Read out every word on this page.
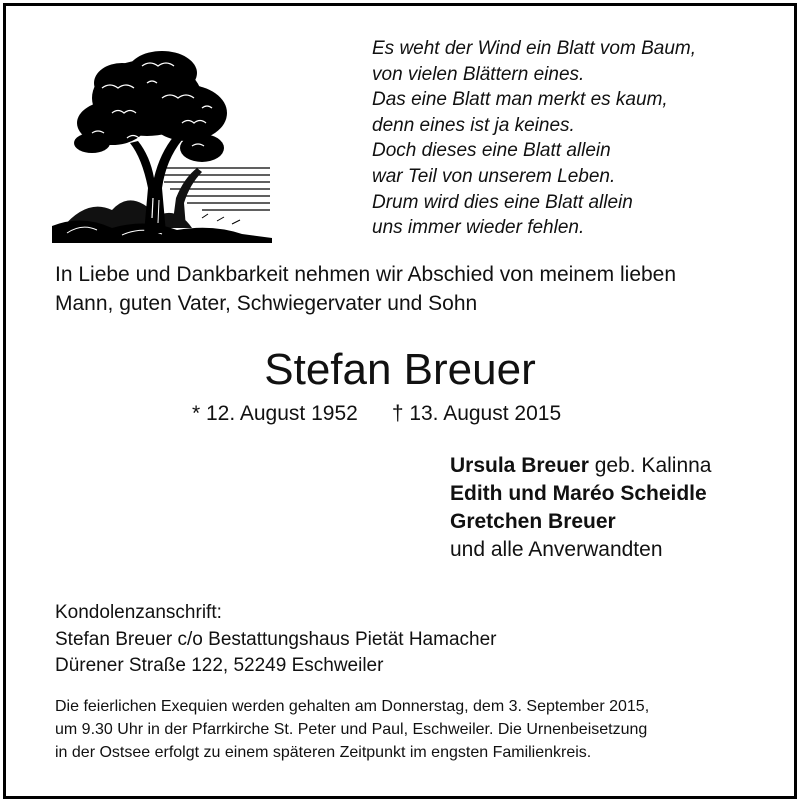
Es weht der Wind ein Blatt vom Baum,
von vielen Blättern eines.
Das eine Blatt man merkt es kaum,
denn eines ist ja keines.
Doch dieses eine Blatt allein
war Teil von unserem Leben.
Drum wird dies eine Blatt allein
uns immer wieder fehlen.
In Liebe und Dankbarkeit nehmen wir Abschied von meinem lieben
Mann, guten Vater, Schwiegervater und Sohn
Stefan Breuer
* 12. August 1952 † 13. August 2015
Ursula Breuer geb. Kalinna
Edith und Maréo Scheidle
Gretchen Breuer
und alle Anverwandten
Kondolenzanschrift:
Stefan Breuer c/o Bestattungshaus Pietät Hamacher
Dürener Straße 122, 52249 Eschweiler
Die feierlichen Exequien werden gehalten am Donnerstag, dem 3. September 2015,
um 9.30 Uhr in der Pfarrkirche St. Peter und Paul, Eschweiler. Die Urnenbeisetzung
in der Ostsee erfolgt zu einem späteren Zeitpunkt im engsten Familienkreis.
